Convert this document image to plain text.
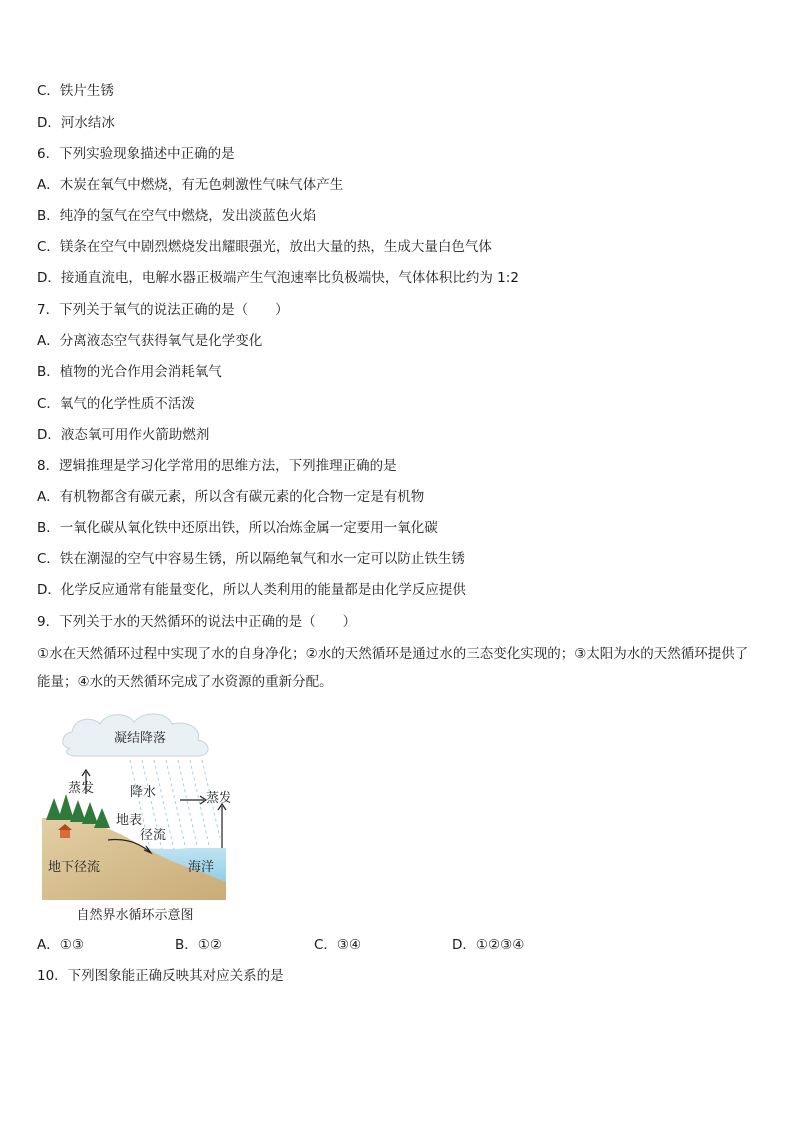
C．铁片生锈
D．河水结冰
6．下列实验现象描述中正确的是
A．木炭在氧气中燃烧，有无色刺激性气味气体产生
B．纯净的氢气在空气中燃烧，发出淡蓝色火焰
C．镁条在空气中剧烈燃烧发出耀眼强光，放出大量的热，生成大量白色气体
D．接通直流电，电解水器正极端产生气泡速率比负极端快，气体体积比约为 1:2
7．下列关于氧气的说法正确的是（　　）
A．分离液态空气获得氧气是化学变化
B．植物的光合作用会消耗氧气
C．氧气的化学性质不活泼
D．液态氧可用作火箭助燃剂
8．逻辑推理是学习化学常用的思维方法，下列推理正确的是
A．有机物都含有碳元素，所以含有碳元素的化合物一定是有机物
B．一氧化碳从氧化铁中还原出铁，所以冶炼金属一定要用一氧化碳
C．铁在潮湿的空气中容易生锈，所以隔绝氧气和水一定可以防止铁生锈
D．化学反应通常有能量变化，所以人类利用的能量都是由化学反应提供
9．下列关于水的天然循环的说法中正确的是（　　）
①水在天然循环过程中实现了水的自身净化；②水的天然循环是通过水的三态变化实现的；③太阳为水的天然循环提供了能量；④水的天然循环完成了水资源的重新分配。
凝结降落
蒸发	降水	蒸发
地表
径流
地下径流	海洋
自然界水循环示意图
A．①③	B．①②	C．③④	D．①②③④
10．下列图象能正确反映其对应关系的是
